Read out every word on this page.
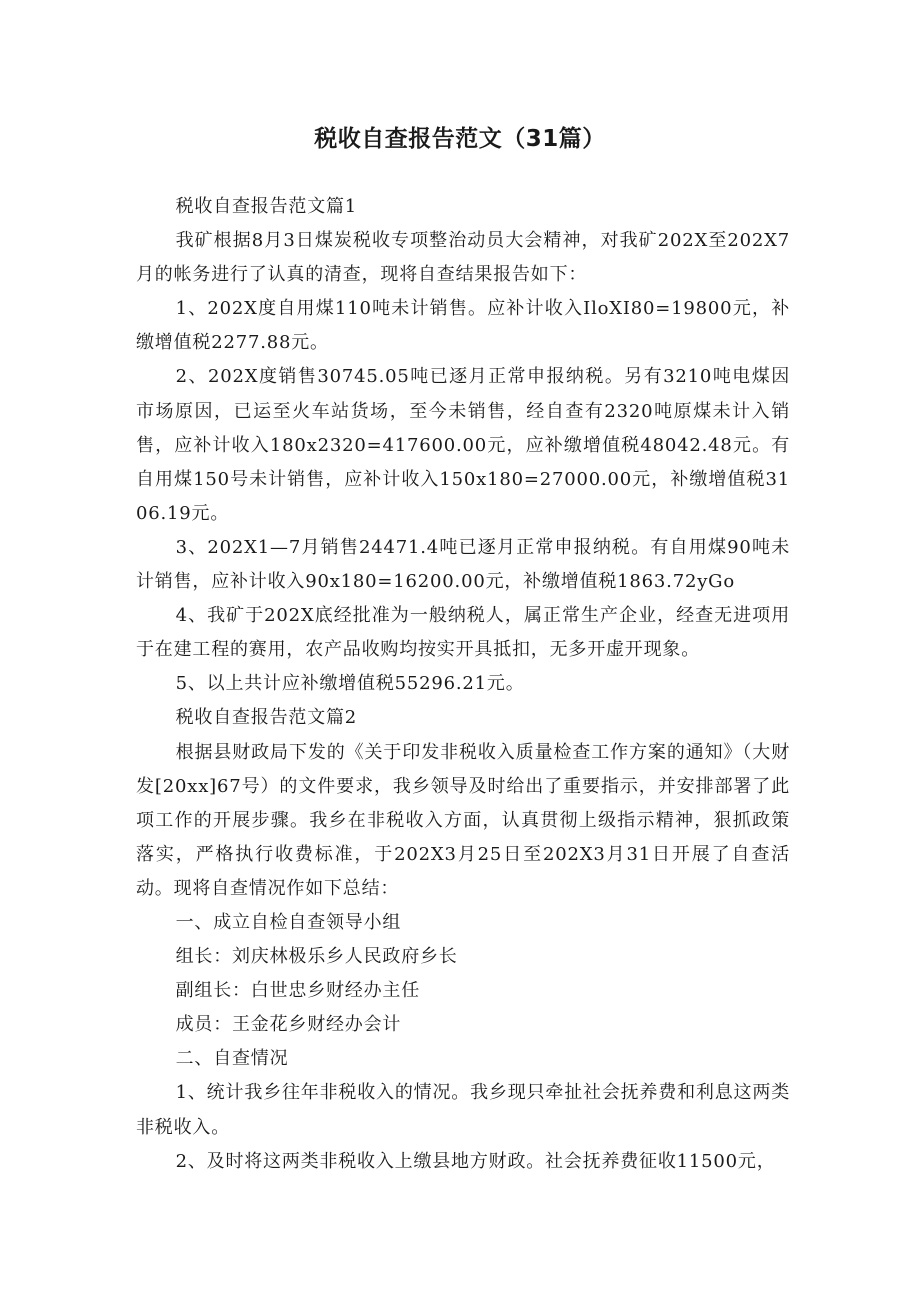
税收自查报告范文（31篇）

税收自查报告范文篇1

我矿根据8月3日煤炭税收专项整治动员大会精神，对我矿202X至202X7月的帐务进行了认真的清查，现将自查结果报告如下：

1、202X度自用煤110吨未计销售。应补计收入IloXI80=19800元，补缴增值税2277.88元。

2、202X度销售30745.05吨已逐月正常申报纳税。另有3210吨电煤因市场原因，已运至火车站货场，至今未销售，经自查有2320吨原煤未计入销售，应补计收入180x2320=417600.00元，应补缴增值税48042.48元。有自用煤150号未计销售，应补计收入150x180=27000.00元，补缴增值税3106.19元。

3、202X1—7月销售24471.4吨已逐月正常申报纳税。有自用煤90吨未计销售，应补计收入90x180=16200.00元，补缴增值税1863.72yGo

4、我矿于202X底经批准为一般纳税人，属正常生产企业，经查无进项用于在建工程的赛用，农产品收购均按实开具抵扣，无多开虚开现象。

5、以上共计应补缴增值税55296.21元。

税收自查报告范文篇2

根据县财政局下发的《关于印发非税收入质量检查工作方案的通知》（大财发[20xx]67号）的文件要求，我乡领导及时给出了重要指示，并安排部署了此项工作的开展步骤。我乡在非税收入方面，认真贯彻上级指示精神，狠抓政策落实，严格执行收费标准，于202X3月25日至202X3月31日开展了自查活动。现将自查情况作如下总结：

一、成立自检自查领导小组

组长：刘庆林极乐乡人民政府乡长

副组长：白世忠乡财经办主任

成员：王金花乡财经办会计

二、自查情况

1、统计我乡往年非税收入的情况。我乡现只牵扯社会抚养费和利息这两类非税收入。

2、及时将这两类非税收入上缴县地方财政。社会抚养费征收11500元，
